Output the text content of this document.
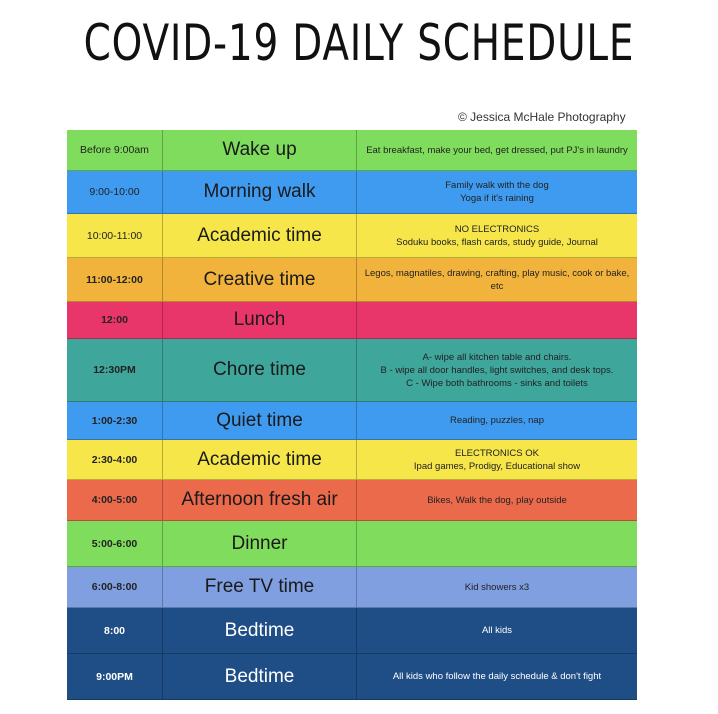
COVID-19 DAILY SCHEDULE
© Jessica McHale Photography
Before 9:00am	Wake up	Eat breakfast, make your bed, get dressed, put PJ's in laundry
9:00-10:00	Morning walk	Family walk with the dog
Yoga if it's raining
10:00-11:00	Academic time	NO ELECTRONICS
Soduku books, flash cards, study guide, Journal
11:00-12:00	Creative time	Legos, magnatiles, drawing, crafting, play music, cook or bake, etc
12:00	Lunch
12:30PM	Chore time
A- wipe all kitchen table and chairs.
B - wipe all door handles, light switches, and desk tops.
C - Wipe both bathrooms - sinks and toilets
1:00-2:30	Quiet time	Reading, puzzles, nap
2:30-4:00	Academic time	ELECTRONICS OK
Ipad games, Prodigy, Educational show
4:00-5:00	Afternoon fresh air	Bikes, Walk the dog, play outside
5:00-6:00	Dinner
6:00-8:00	Free TV time	Kid showers x3
8:00	Bedtime	All kids
9:00PM	Bedtime	All kids who follow the daily schedule & don't fight
